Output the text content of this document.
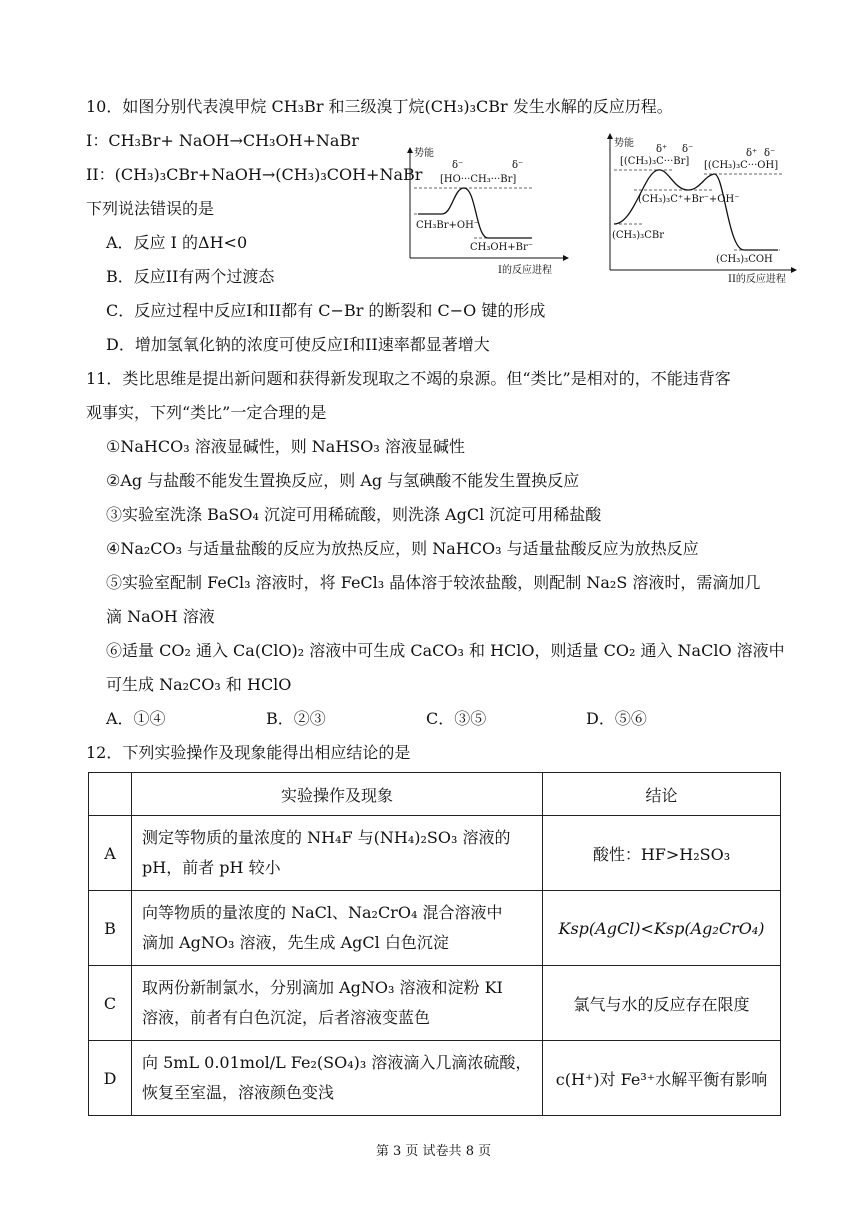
10．如图分别代表溴甲烷 CH₃Br 和三级溴丁烷(CH₃)₃CBr 发生水解的反应历程。
I：CH₃Br+ NaOH→CH₃OH+NaBr
II：(CH₃)₃CBr+NaOH→(CH₃)₃COH+NaBr
下列说法错误的是
A．反应 I 的ΔH<0
B．反应II有两个过渡态
C．反应过程中反应I和II都有 C−Br 的断裂和 C−O 键的形成
D．增加氢氧化钠的浓度可使反应I和II速率都显著增大
势能
δ⁻	δ⁻
[HO···CH₃···Br]
CH₃Br+OH⁻
CH₃OH+Br⁻
I的反应进程
势能
δ⁺ δ⁻
[(CH₃)₃C···Br]
δ⁺ δ⁻
[(CH₃)₃C···OH]
(CH₃)₃C⁺+Br⁻+OH⁻
(CH₃)₃CBr
(CH₃)₃COH
II的反应进程
11．类比思维是提出新问题和获得新发现取之不竭的泉源。但“类比”是相对的，不能违背客
观事实，下列“类比”一定合理的是
①NaHCO₃ 溶液显碱性，则 NaHSO₃ 溶液显碱性
②Ag 与盐酸不能发生置换反应，则 Ag 与氢碘酸不能发生置换反应
③实验室洗涤 BaSO₄ 沉淀可用稀硫酸，则洗涤 AgCl 沉淀可用稀盐酸
④Na₂CO₃ 与适量盐酸的反应为放热反应，则 NaHCO₃ 与适量盐酸反应为放热反应
⑤实验室配制 FeCl₃ 溶液时，将 FeCl₃ 晶体溶于较浓盐酸，则配制 Na₂S 溶液时，需滴加几
滴 NaOH 溶液
⑥适量 CO₂ 通入 Ca(ClO)₂ 溶液中可生成 CaCO₃ 和 HClO，则适量 CO₂ 通入 NaClO 溶液中
可生成 Na₂CO₃ 和 HClO
A．①④	B．②③	C．③⑤	D．⑤⑥
12．下列实验操作及现象能得出相应结论的是
	实验操作及现象	结论
A	测定等物质的量浓度的 NH₄F 与(NH₄)₂SO₃ 溶液的
pH，前者 pH 较小	酸性：HF>H₂SO₃
B	向等物质的量浓度的 NaCl、Na₂CrO₄ 混合溶液中
滴加 AgNO₃ 溶液，先生成 AgCl 白色沉淀	Ksp(AgCl)<Ksp(Ag₂CrO₄)
C	取两份新制氯水，分别滴加 AgNO₃ 溶液和淀粉 KI
溶液，前者有白色沉淀，后者溶液变蓝色	氯气与水的反应存在限度
D	向 5mL 0.01mol/L Fe₂(SO₄)₃ 溶液滴入几滴浓硫酸，
恢复至室温，溶液颜色变浅	c(H⁺)对 Fe³⁺水解平衡有影响
第 3 页 试卷共 8 页
